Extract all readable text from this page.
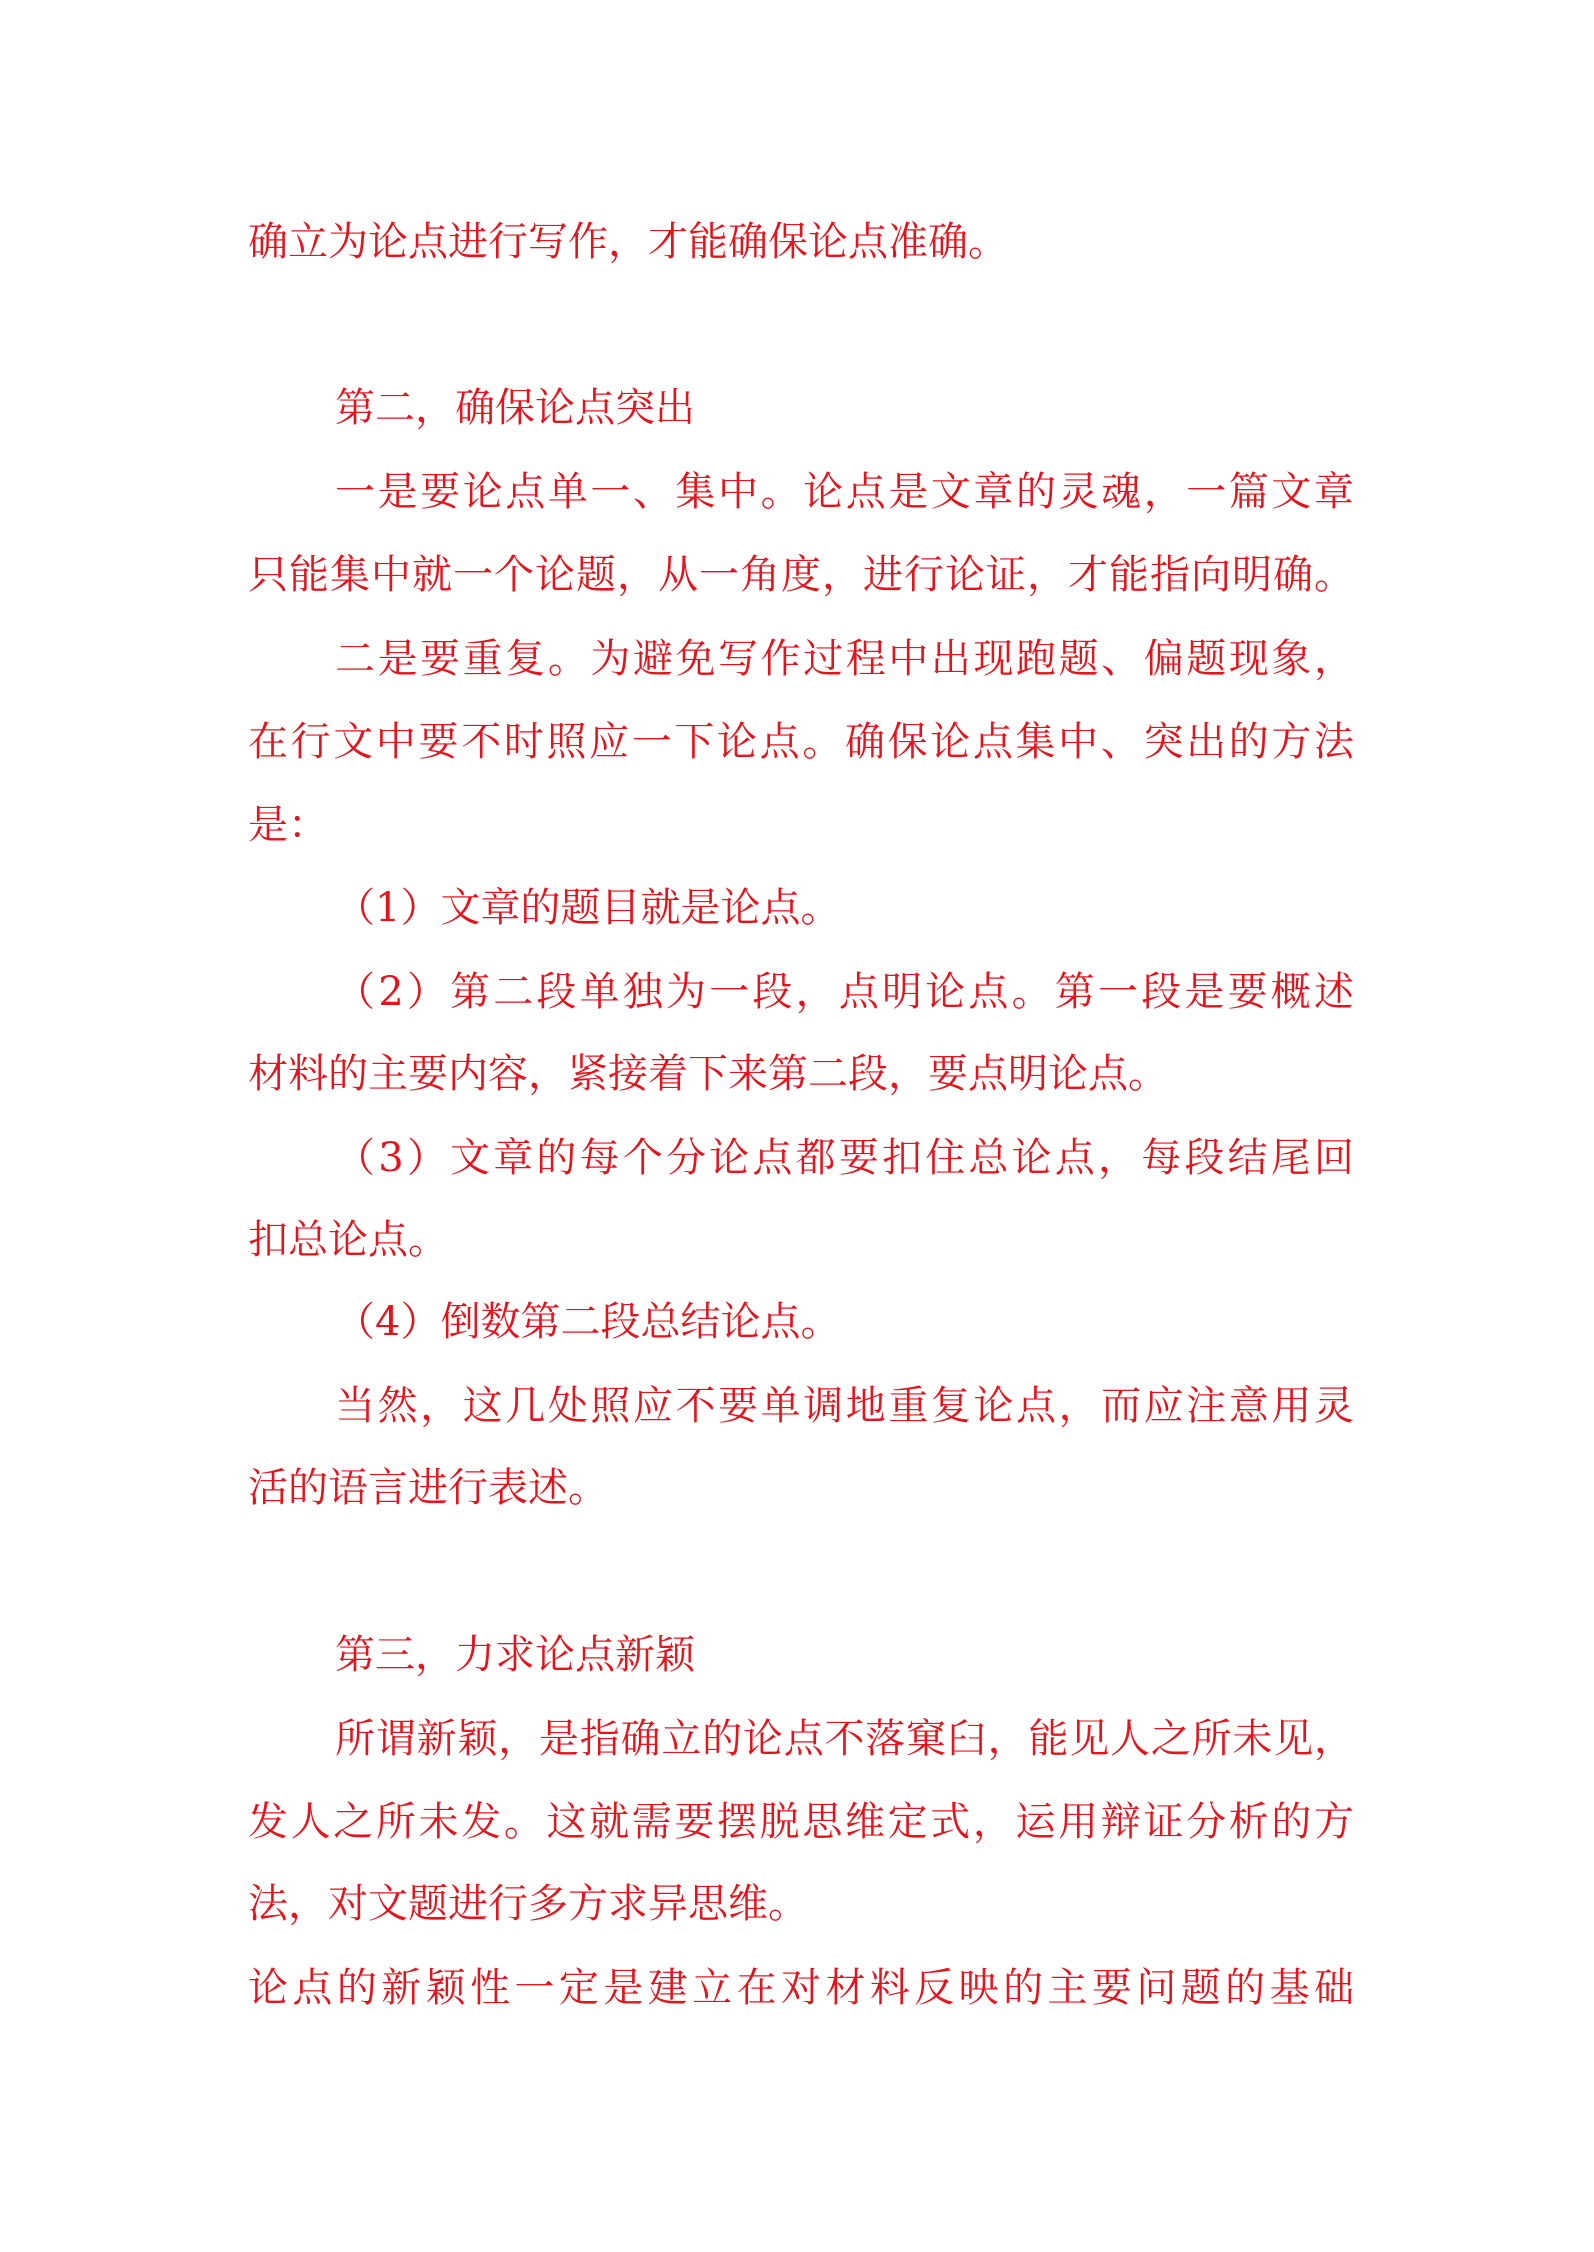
确立为论点进行写作，才能确保论点准确。
第二，确保论点突出
一是要论点单一、集中。论点是文章的灵魂，一篇文章
只能集中就一个论题，从一角度，进行论证，才能指向明确。
二是要重复。为避免写作过程中出现跑题、偏题现象，
在行文中要不时照应一下论点。确保论点集中、突出的方法
是：
（1）文章的题目就是论点。
（2）第二段单独为一段，点明论点。第一段是要概述
材料的主要内容，紧接着下来第二段，要点明论点。
（3）文章的每个分论点都要扣住总论点，每段结尾回
扣总论点。
（4）倒数第二段总结论点。
当然，这几处照应不要单调地重复论点，而应注意用灵
活的语言进行表述。
第三，力求论点新颖
所谓新颖，是指确立的论点不落窠臼，能见人之所未见，
发人之所未发。这就需要摆脱思维定式，运用辩证分析的方
法，对文题进行多方求异思维。
论点的新颖性一定是建立在对材料反映的主要问题的基础
